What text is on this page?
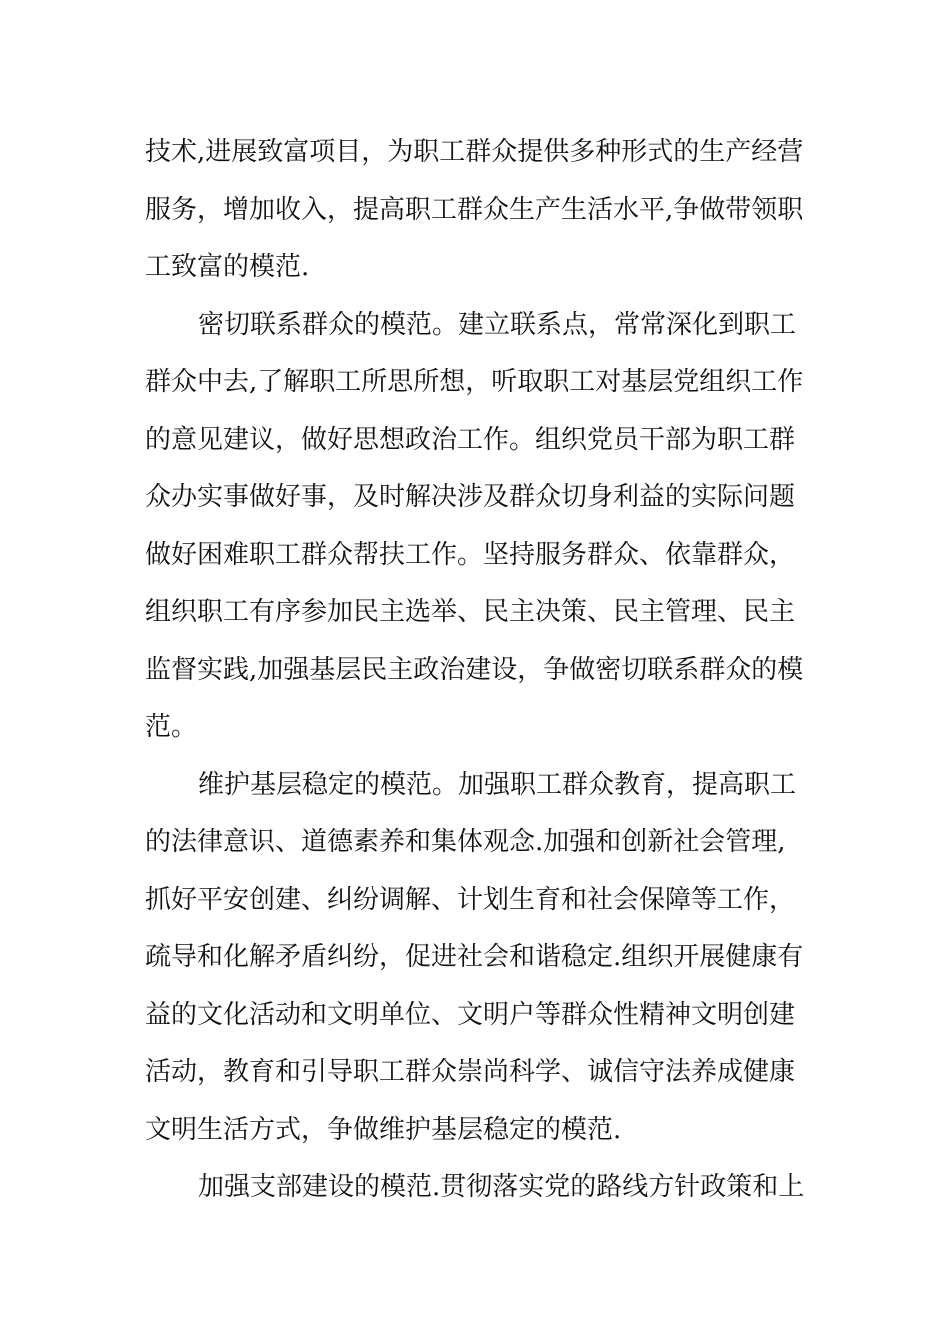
技术,进展致富项目，为职工群众提供多种形式的生产经营
服务，增加收入，提高职工群众生产生活水平,争做带领职
工致富的模范.
密切联系群众的模范。建立联系点，常常深化到职工
群众中去,了解职工所思所想，听取职工对基层党组织工作
的意见建议，做好思想政治工作。组织党员干部为职工群
众办实事做好事，及时解决涉及群众切身利益的实际问题
做好困难职工群众帮扶工作。坚持服务群众、依靠群众，
组织职工有序参加民主选举、民主决策、民主管理、民主
监督实践,加强基层民主政治建设，争做密切联系群众的模
范。
维护基层稳定的模范。加强职工群众教育，提高职工
的法律意识、道德素养和集体观念.加强和创新社会管理,
抓好平安创建、纠纷调解、计划生育和社会保障等工作，
疏导和化解矛盾纠纷，促进社会和谐稳定.组织开展健康有
益的文化活动和文明单位、文明户等群众性精神文明创建
活动，教育和引导职工群众崇尚科学、诚信守法养成健康
文明生活方式，争做维护基层稳定的模范.
加强支部建设的模范.贯彻落实党的路线方针政策和上
